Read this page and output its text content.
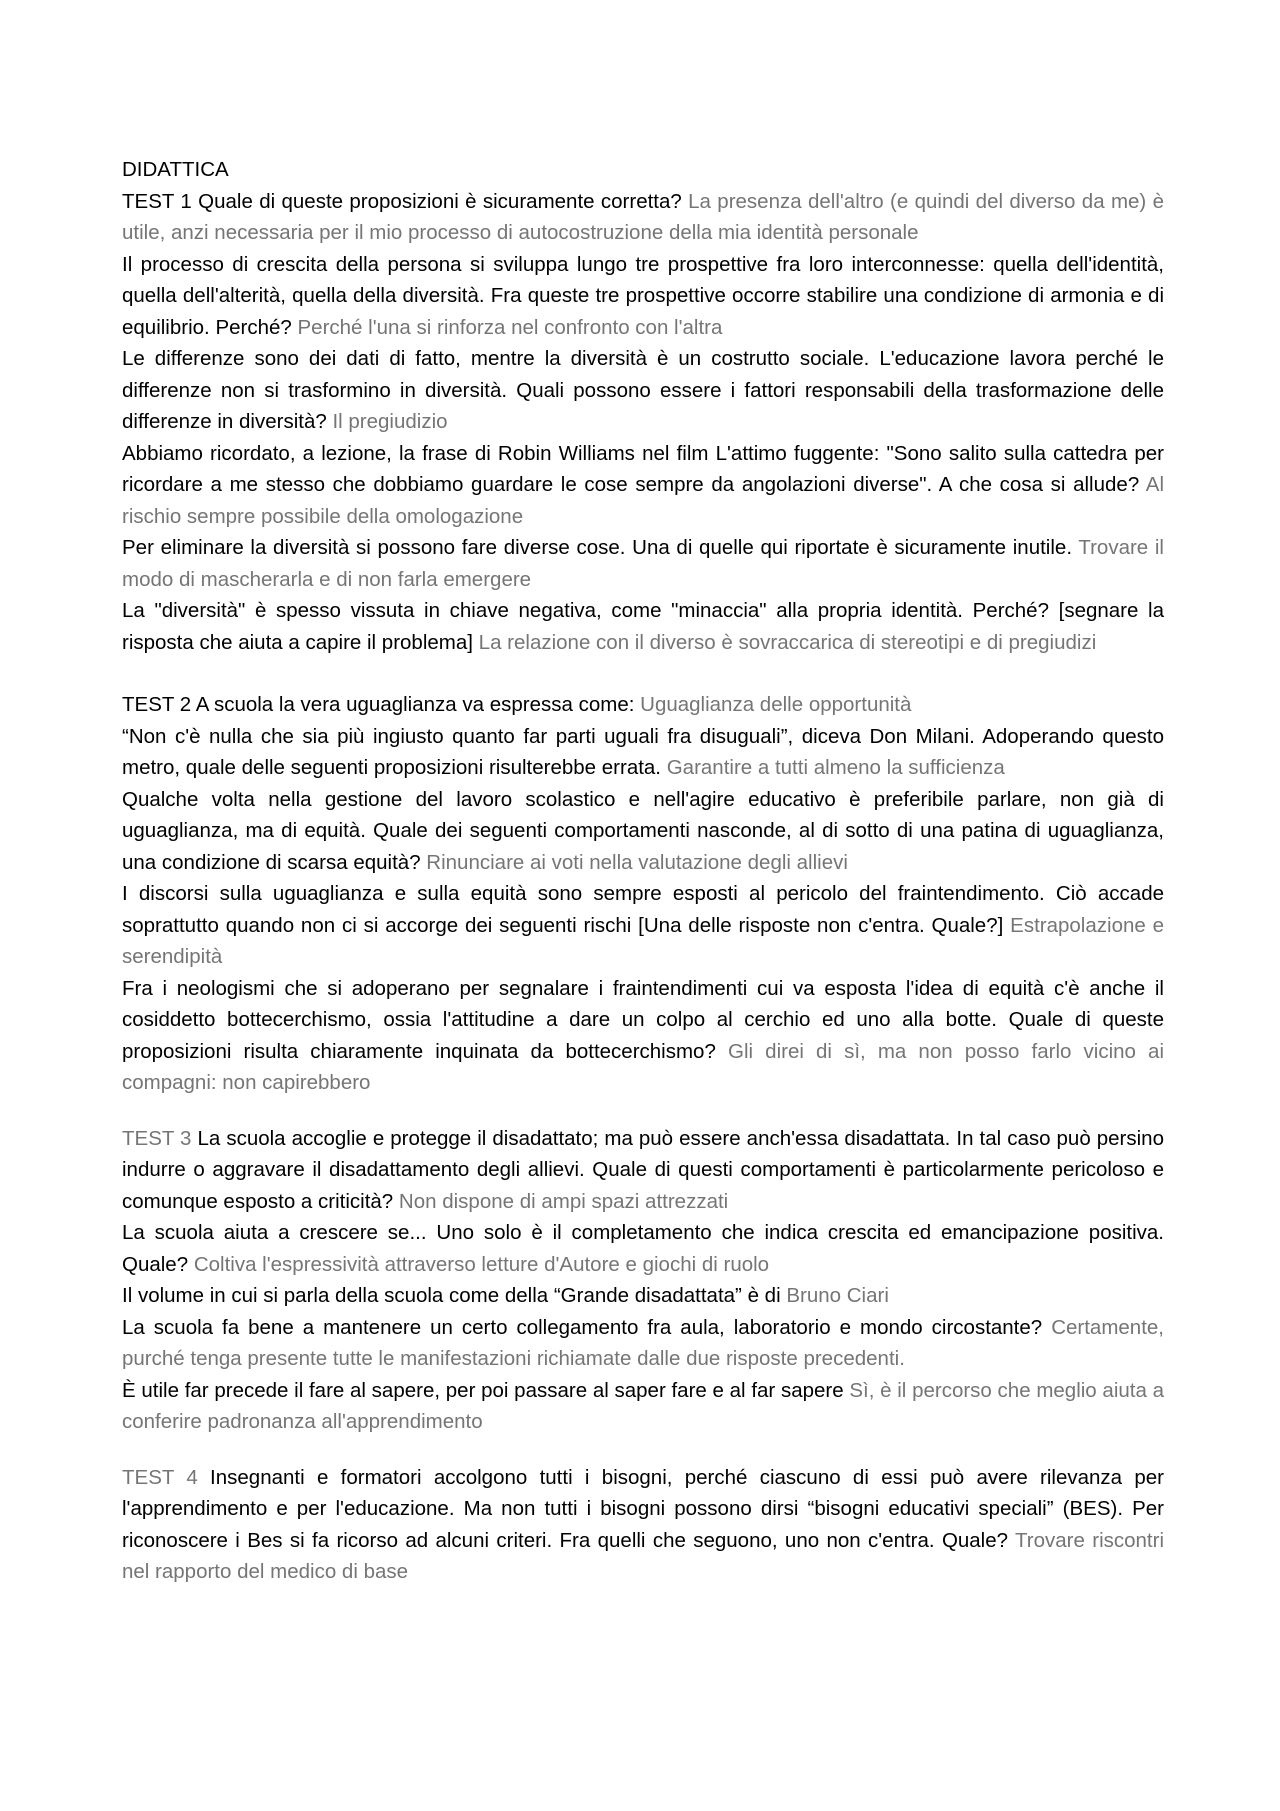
DIDATTICA

TEST 1 Quale di queste proposizioni è sicuramente corretta? La presenza dell'altro (e quindi del diverso da me) è utile, anzi necessaria per il mio processo di autocostruzione della mia identità personale

Il processo di crescita della persona si sviluppa lungo tre prospettive fra loro interconnesse: quella dell'identità, quella dell'alterità, quella della diversità. Fra queste tre prospettive occorre stabilire una condizione di armonia e di equilibrio. Perché? Perché l'una si rinforza nel confronto con l'altra

Le differenze sono dei dati di fatto, mentre la diversità è un costrutto sociale. L'educazione lavora perché le differenze non si trasformino in diversità. Quali possono essere i fattori responsabili della trasformazione delle differenze in diversità? Il pregiudizio

Abbiamo ricordato, a lezione, la frase di Robin Williams nel film L'attimo fuggente: "Sono salito sulla cattedra per ricordare a me stesso che dobbiamo guardare le cose sempre da angolazioni diverse". A che cosa si allude? Al rischio sempre possibile della omologazione

Per eliminare la diversità si possono fare diverse cose. Una di quelle qui riportate è sicuramente inutile. Trovare il modo di mascherarla e di non farla emergere

La "diversità" è spesso vissuta in chiave negativa, come "minaccia" alla propria identità. Perché? [segnare la risposta che aiuta a capire il problema] La relazione con il diverso è sovraccarica di stereotipi e di pregiudizi

TEST 2 A scuola la vera uguaglianza va espressa come: Uguaglianza delle opportunità

“Non c'è nulla che sia più ingiusto quanto far parti uguali fra disuguali”, diceva Don Milani. Adoperando questo metro, quale delle seguenti proposizioni risulterebbe errata. Garantire a tutti almeno la sufficienza

Qualche volta nella gestione del lavoro scolastico e nell'agire educativo è preferibile parlare, non già di uguaglianza, ma di equità. Quale dei seguenti comportamenti nasconde, al di sotto di una patina di uguaglianza, una condizione di scarsa equità? Rinunciare ai voti nella valutazione degli allievi

I discorsi sulla uguaglianza e sulla equità sono sempre esposti al pericolo del fraintendimento. Ciò accade soprattutto quando non ci si accorge dei seguenti rischi [Una delle risposte non c'entra. Quale?] Estrapolazione e serendipità

Fra i neologismi che si adoperano per segnalare i fraintendimenti cui va esposta l'idea di equità c'è anche il cosiddetto bottecerchismo, ossia l'attitudine a dare un colpo al cerchio ed uno alla botte. Quale di queste proposizioni risulta chiaramente inquinata da bottecerchismo? Gli direi di sì, ma non posso farlo vicino ai compagni: non capirebbero

TEST 3 La scuola accoglie e protegge il disadattato; ma può essere anch'essa disadattata. In tal caso può persino indurre o aggravare il disadattamento degli allievi. Quale di questi comportamenti è particolarmente pericoloso e comunque esposto a criticità? Non dispone di ampi spazi attrezzati

La scuola aiuta a crescere se... Uno solo è il completamento che indica crescita ed emancipazione positiva. Quale? Coltiva l'espressività attraverso letture d'Autore e giochi di ruolo

Il volume in cui si parla della scuola come della “Grande disadattata” è di Bruno Ciari

La scuola fa bene a mantenere un certo collegamento fra aula, laboratorio e mondo circostante? Certamente, purché tenga presente tutte le manifestazioni richiamate dalle due risposte precedenti.

È utile far precede il fare al sapere, per poi passare al saper fare e al far sapere Sì, è il percorso che meglio aiuta a conferire padronanza all'apprendimento

TEST 4 Insegnanti e formatori accolgono tutti i bisogni, perché ciascuno di essi può avere rilevanza per l'apprendimento e per l'educazione. Ma non tutti i bisogni possono dirsi “bisogni educativi speciali” (BES). Per riconoscere i Bes si fa ricorso ad alcuni criteri. Fra quelli che seguono, uno non c'entra. Quale? Trovare riscontri nel rapporto del medico di base
